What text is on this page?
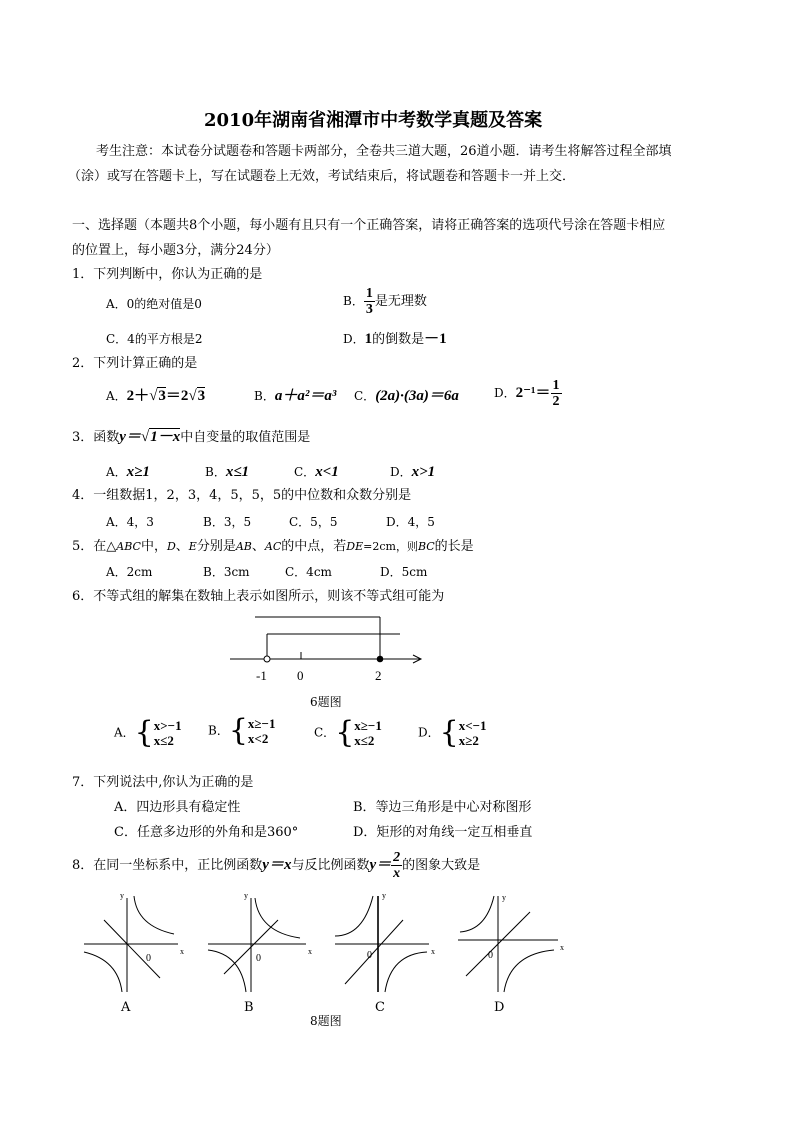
2010年湖南省湘潭市中考数学真题及答案
考生注意：本试卷分试题卷和答题卡两部分，全卷共三道大题，26道小题．请考生将解答过程全部填
（涂）或写在答题卡上，写在试题卷上无效，考试结束后，将试题卷和答题卡一并上交．
一、选择题（本题共8个小题，每小题有且只有一个正确答案，请将正确答案的选项代号涂在答题卡相应
的位置上，每小题3分，满分24分）
1．下列判断中，你认为正确的是
A．0的绝对值是0	B． $\frac{1}{3}$ 是无理数
C．4的平方根是2	D．1的倒数是－1
2．下列计算正确的是
A．2＋√3＝2√3	B．a＋a²＝a³ C．(2a)·(3a)＝6a	D．$2^{-1}= \frac{1}{2}$
3．函数y＝√1－x中自变量的取值范围是
A．x≥1	B．x≤1	C．x<1	D．x>1
4．一组数据1，2，3，4，5，5，5的中位数和众数分别是
A．4，3	B．3，5	C．5，5	D．4，5
5．在△ABC中，D、E分别是AB、AC的中点，若DE=2cm，则BC的长是
A．2cm	B．3cm	C．4cm	D．5cm
6．不等式组的解集在数轴上表示如图所示，则该不等式组可能为
-1 0	2
6题图
A．{ x>−1
x≤2
B．{ x≥−1
x<2	C．{ x≥−1
x≤2
D．{ x<−1
x≥2
7．下列说法中,你认为正确的是
A．四边形具有稳定性	B．等边三角形是中心对称图形
C．任意多边形的外角和是360°	D．矩形的对角线一定互相垂直
8．在同一坐标系中，正比例函数y＝x与反比例函数$y= \frac{2}{x}$ 的图象大致是
x
y
0
x
y
0
x
y
0
x
y
0
A	B	C	D
8题图
